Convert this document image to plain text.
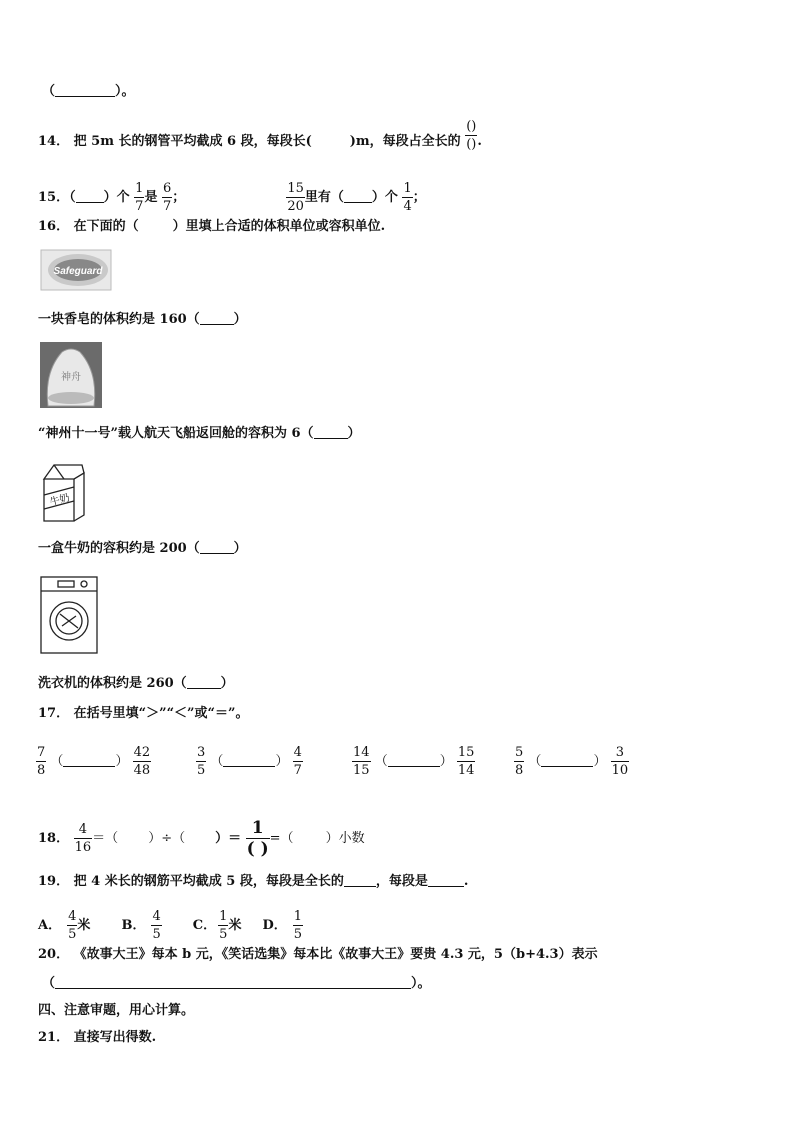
（	）。
14． 把 5m 长的钢管平均截成 6 段，每段长(	)m，每段占全长的
()
() .
15．（ ）个 $\frac{1}{7}$ 是 $\frac{6}{7}$ ；	$\frac{15}{20}$ 里有（ ）个 $\frac{1}{4}$ ；
16． 在下面的（	）里填上合适的体积单位或容积单位.
Safeguard
一块香皂的体积约是 160（	）
神舟
“神州十一号”载人航天飞船返回舱的容积为 6（	）
牛奶
一盒牛奶的容积约是 200（	）
洗衣机的体积约是 260（	）
17． 在括号里填“＞”“＜”或“＝”。
$\frac{7}{8}$ （	） $\frac{42}{48}$	$\frac{3}{5}$ （	） $\frac{4}{7}$	$\frac{14}{15}$ （	） $\frac{15}{14}$	$\frac{5}{8}$ （	） $\frac{3}{10}$
18． $\frac{4}{16}$ ＝（ ）÷（ ）＝
1
( )
=（ ）小数
19． 把 4 米长的钢筋平均截成 5 段，每段是全长的 ，每段是	.
A． $\frac{4}{5}$ 米 B． $\frac{4}{5}$ C． $\frac{1}{5}$ 米 D． $\frac{1}{5}$
20． 《故事大王》每本 b 元，《笑话选集》每本比《故事大王》要贵 4.3 元，5（b+4.3）表示
（	）。
四、注意审题，用心计算。
21． 直接写出得数.
